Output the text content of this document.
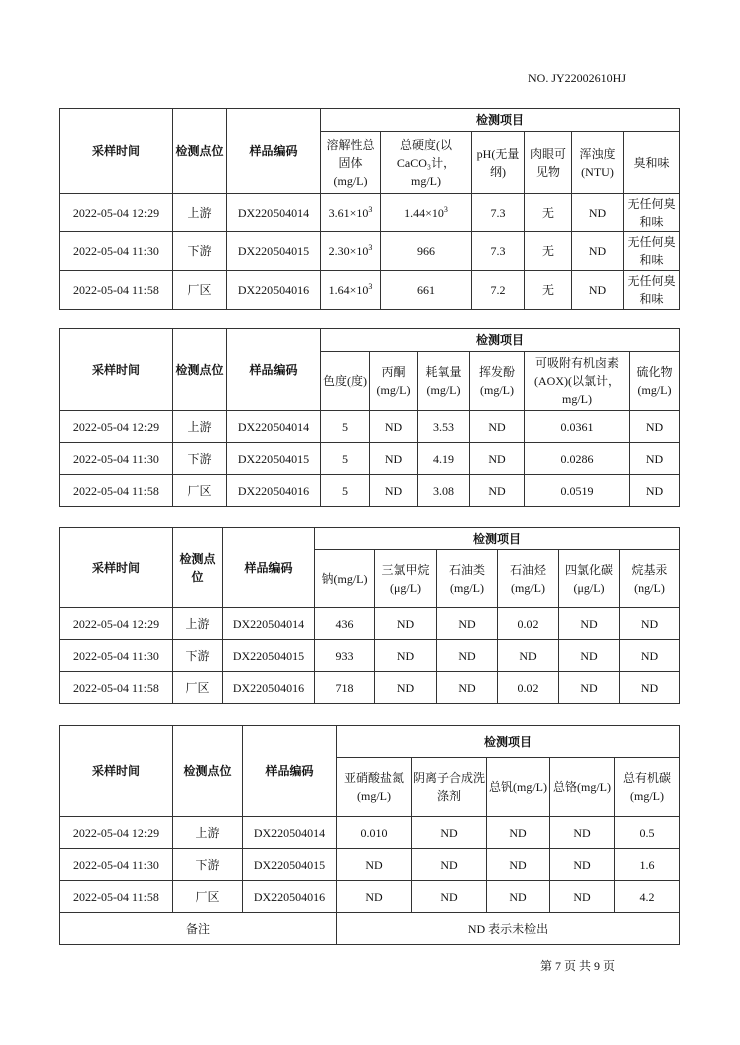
NO. JY22002610HJ
采样时间	检测点位	样品编码	检测项目					
			溶解性总固体(mg/L)	总硬度(以 CaCO₃计，mg/L)	pH(无量纲)	肉眼可见物	浑浊度(NTU)	臭和味
2022-05-04 12:29	上游	DX220504014	$3.61\times 10^3$	$1.44\times 10^3$	7.3	无	ND	无任何臭和味
2022-05-04 11:30	下游	DX220504015	$2.30\times 10^3$	966	7.3	无	ND	无任何臭和味
2022-05-04 11:58	厂区	DX220504016	$1.64\times 10^3$	661	7.2	无	ND	无任何臭和味
采样时间	检测点位	样品编码	检测项目					
			色度(度)	丙酮(mg/L)	耗氧量(mg/L)	挥发酚(mg/L)	可吸附有机卤素(AOX)(以氯计，mg/L)	硫化物(mg/L)
2022-05-04 12:29	上游	DX220504014	5	ND	3.53	ND	0.0361	ND
2022-05-04 11:30	下游	DX220504015	5	ND	4.19	ND	0.0286	ND
2022-05-04 11:58	厂区	DX220504016	5	ND	3.08	ND	0.0519	ND
采样时间	检测点位	样品编码	检测项目					
			钠(mg/L)	三氯甲烷(μg/L)	石油类(mg/L)	石油烃(mg/L)	四氯化碳(μg/L)	烷基汞(ng/L)
2022-05-04 12:29	上游	DX220504014	436	ND	ND	0.02	ND	ND
2022-05-04 11:30	下游	DX220504015	933	ND	ND	ND	ND	ND
2022-05-04 11:58	厂区	DX220504016	718	ND	ND	0.02	ND	ND
采样时间	检测点位	样品编码	检测项目				
			亚硝酸盐氮(mg/L)	阴离子合成洗涤剂	总钒(mg/L)	总铬(mg/L)	总有机碳(mg/L)
2022-05-04 12:29	上游	DX220504014	0.010	ND	ND	ND	0.5
2022-05-04 11:30	下游	DX220504015	ND	ND	ND	ND	1.6
2022-05-04 11:58	厂区	DX220504016	ND	ND	ND	ND	4.2
备注			ND 表示未检出				
第 7 页 共 9 页
